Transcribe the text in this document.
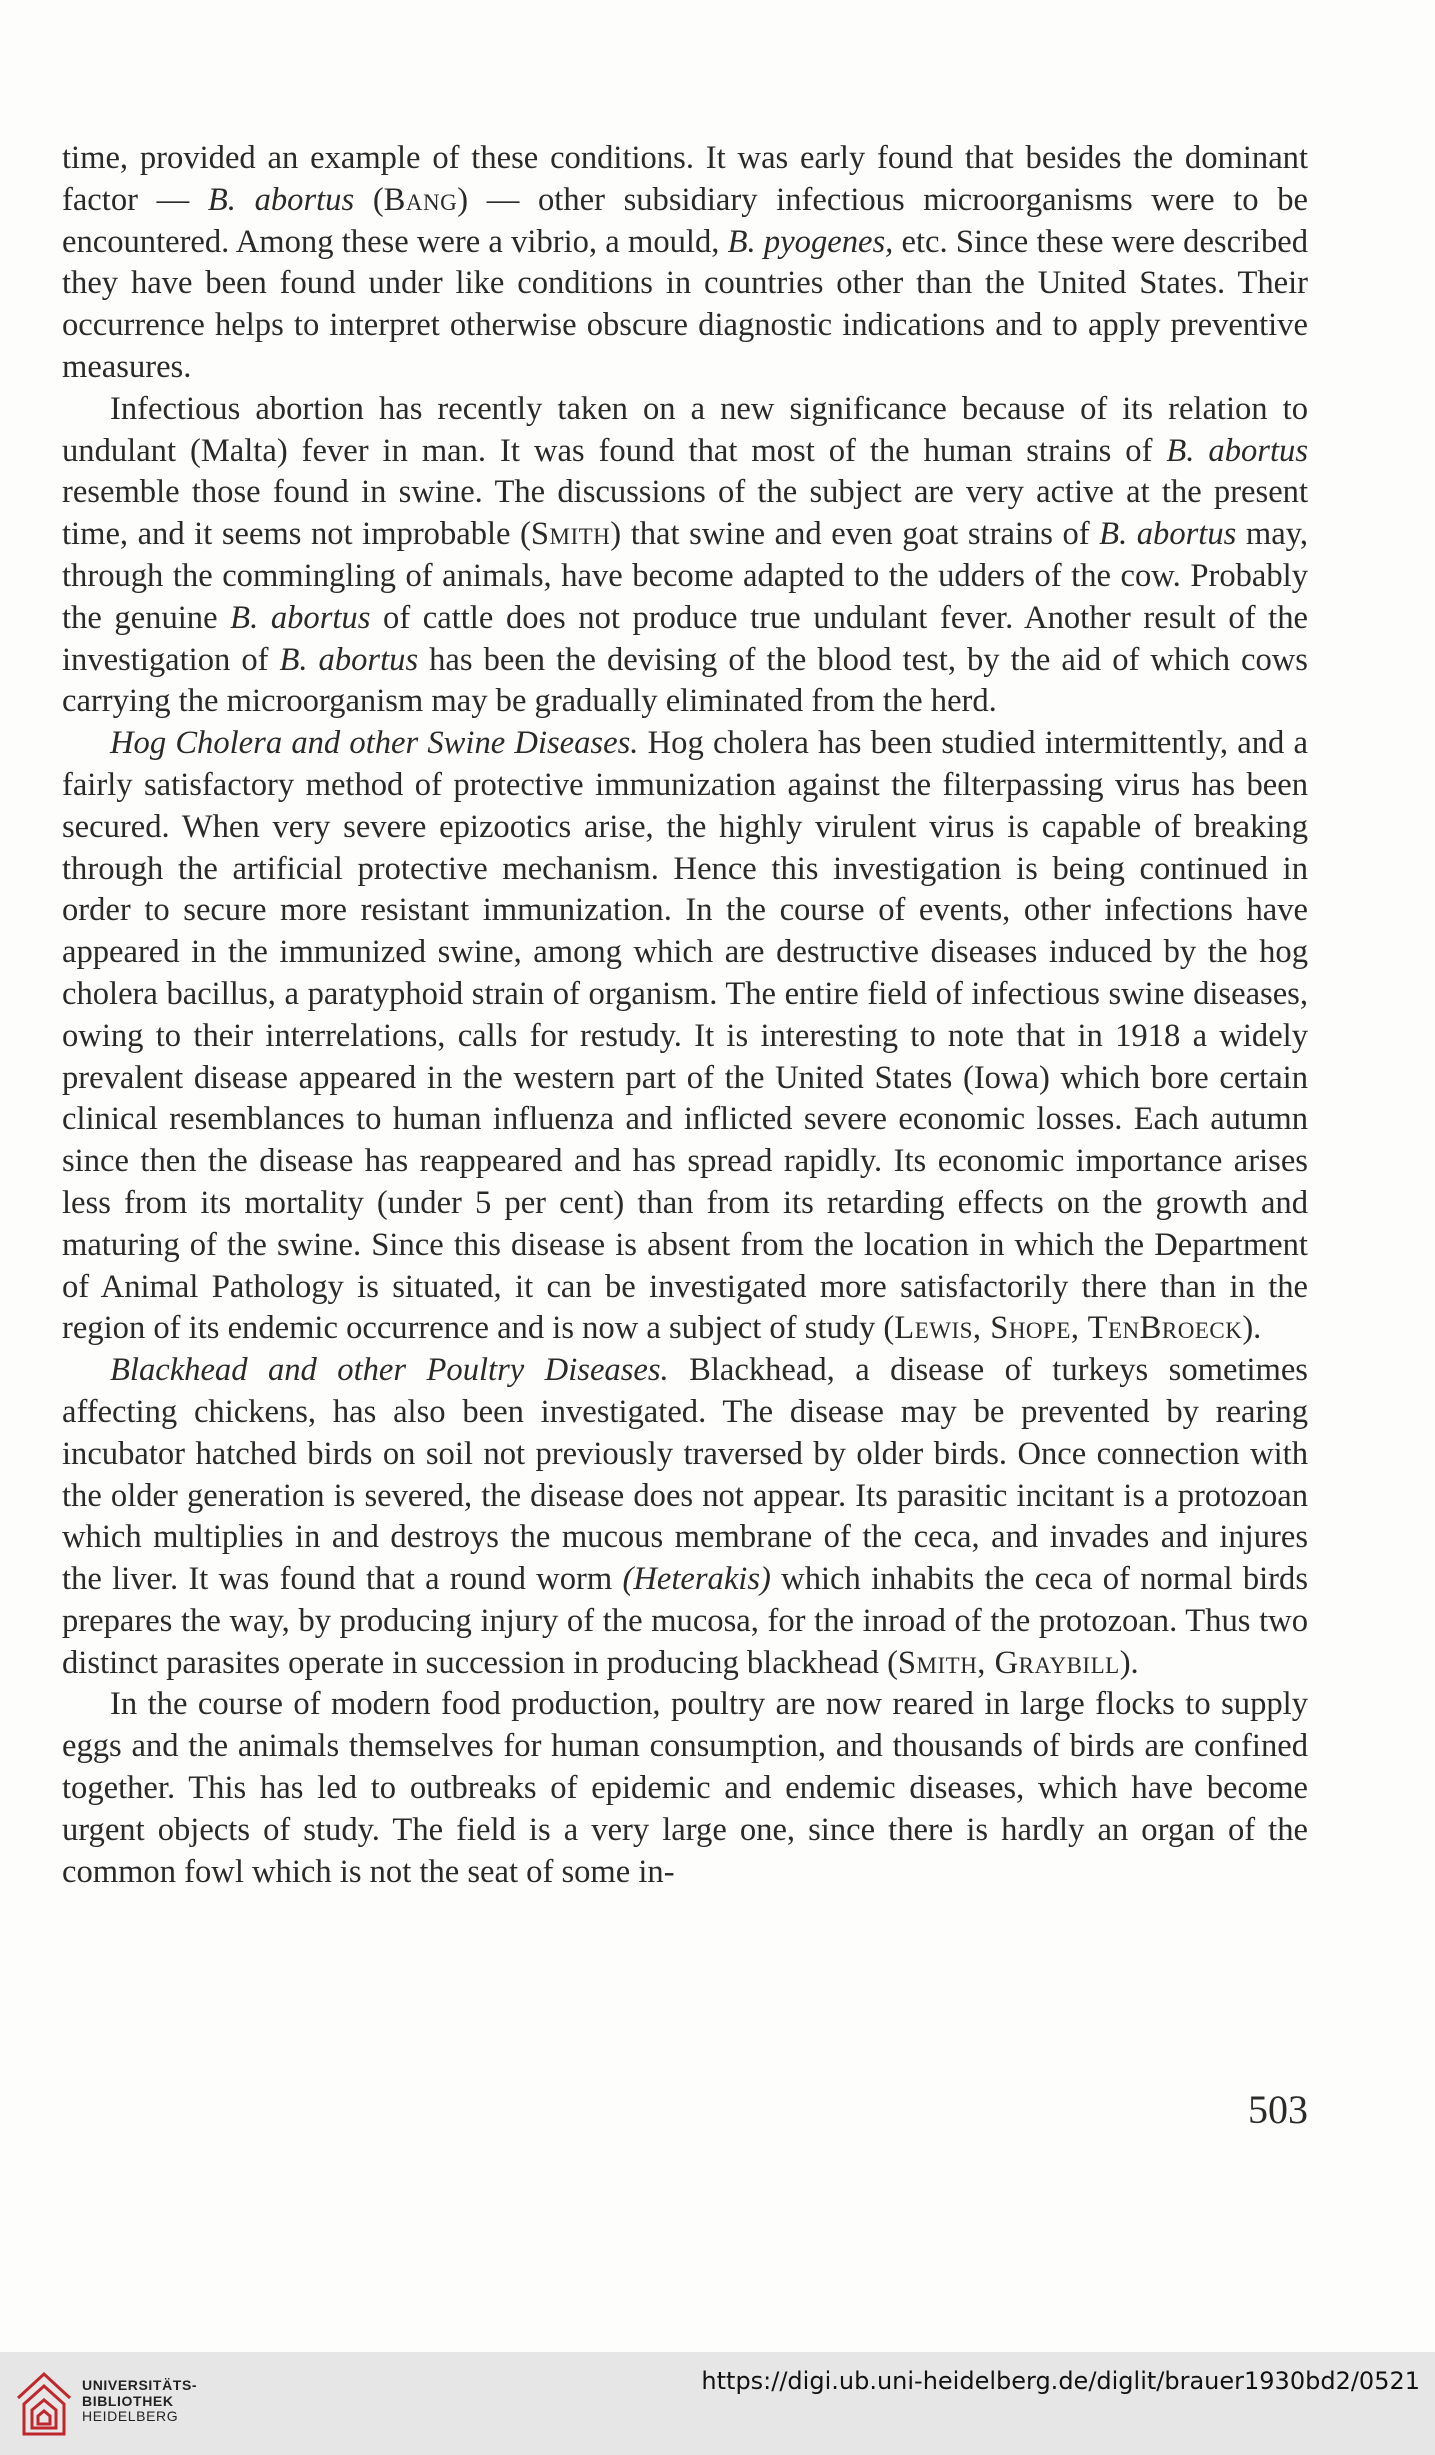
time, provided an example of these conditions. It was early found that besides the dominant factor — B. abortus (Bang) — other subsidiary infectious microorganisms were to be encountered. Among these were a vibrio, a mould, B. pyogenes, etc. Since these were described they have been found under like conditions in countries other than the United States. Their occurrence helps to interpret otherwise obscure diagnostic indications and to apply preventive measures.

Infectious abortion has recently taken on a new significance because of its relation to undulant (Malta) fever in man. It was found that most of the human strains of B. abortus resemble those found in swine. The discussions of the subject are very active at the present time, and it seems not improbable (Smith) that swine and even goat strains of B. abortus may, through the commingling of animals, have become adapted to the udders of the cow. Probably the genuine B. abortus of cattle does not produce true undulant fever. Another result of the investigation of B. abortus has been the devising of the blood test, by the aid of which cows carrying the microorganism may be gradually eliminated from the herd.

Hog Cholera and other Swine Diseases. Hog cholera has been studied intermittently, and a fairly satisfactory method of protective immunization against the filterpassing virus has been secured. When very severe epizootics arise, the highly virulent virus is capable of breaking through the artificial protective mechanism. Hence this investigation is being continued in order to secure more resistant immunization. In the course of events, other infections have appeared in the immunized swine, among which are destructive diseases induced by the hog cholera bacillus, a paratyphoid strain of organism. The entire field of infectious swine diseases, owing to their interrelations, calls for restudy. It is interesting to note that in 1918 a widely prevalent disease appeared in the western part of the United States (Iowa) which bore certain clinical resemblances to human influenza and inflicted severe economic losses. Each autumn since then the disease has reappeared and has spread rapidly. Its economic importance arises less from its mortality (under 5 per cent) than from its retarding effects on the growth and maturing of the swine. Since this disease is absent from the location in which the Department of Animal Pathology is situated, it can be investigated more satisfactorily there than in the region of its endemic occurrence and is now a subject of study (Lewis, Shope, TenBroeck).

Blackhead and other Poultry Diseases. Blackhead, a disease of turkeys sometimes affecting chickens, has also been investigated. The disease may be prevented by rearing incubator hatched birds on soil not previously traversed by older birds. Once connection with the older generation is severed, the disease does not appear. Its parasitic incitant is a protozoan which multiplies in and destroys the mucous membrane of the ceca, and invades and injures the liver. It was found that a round worm (Heterakis) which inhabits the ceca of normal birds prepares the way, by producing injury of the mucosa, for the inroad of the protozoan. Thus two distinct parasites operate in succession in producing blackhead (Smith, Graybill).

In the course of modern food production, poultry are now reared in large flocks to supply eggs and the animals themselves for human consumption, and thousands of birds are confined together. This has led to outbreaks of epidemic and endemic diseases, which have become urgent objects of study. The field is a very large one, since there is hardly an organ of the common fowl which is not the seat of some in-

503
UNIVERSITÄTS-
BIBLIOTHEK
HEIDELBERG
https://digi.ub.uni-heidelberg.de/diglit/brauer1930bd2/0521
